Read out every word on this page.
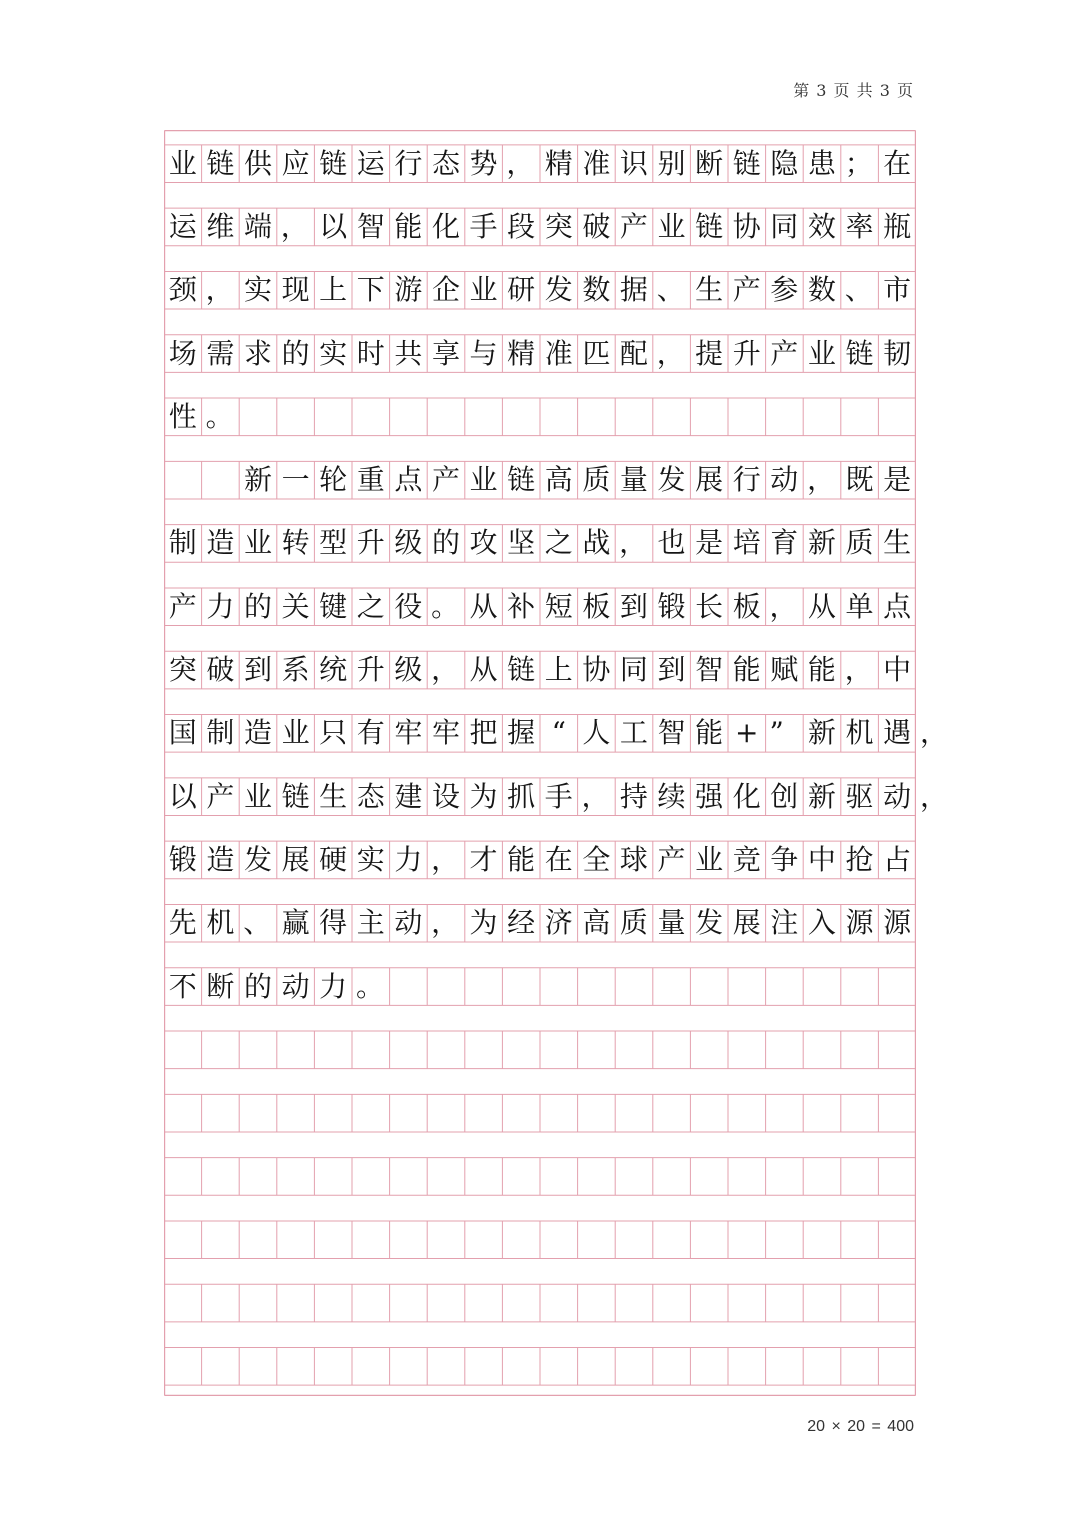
第 3 页 共 3 页
业 链 供 应 链 运 行 态 势 ， 精 准 识 别 断 链 隐 患 ； 在
运 维 端 ， 以 智 能 化 手 段 突 破 产 业 链 协 同 效 率 瓶
颈 ， 实 现 上 下 游 企 业 研 发 数 据 、 生 产 参 数 、 市
场 需 求 的 实 时 共 享 与 精 准 匹 配 ， 提 升 产 业 链 韧
性 。
新 一 轮 重 点 产 业 链 高 质 量 发 展 行 动 ， 既 是
制 造 业 转 型 升 级 的 攻 坚 之 战 ， 也 是 培 育 新 质 生
产 力 的 关 键 之 役 。 从 补 短 板 到 锻 长 板 ， 从 单 点
突 破 到 系 统 升 级 ， 从 链 上 协 同 到 智 能 赋 能 ， 中
国 制 造 业 只 有 牢 牢 把 握 “ 人 工 智 能 + ” 新 机 遇 ，
以 产 业 链 生 态 建 设 为 抓 手 ， 持 续 强 化 创 新 驱 动 ，
锻 造 发 展 硬 实 力 ， 才 能 在 全 球 产 业 竞 争 中 抢 占
先 机 、 赢 得 主 动 ， 为 经 济 高 质 量 发 展 注 入 源 源
不 断 的 动 力 。
20 × 20 = 400
